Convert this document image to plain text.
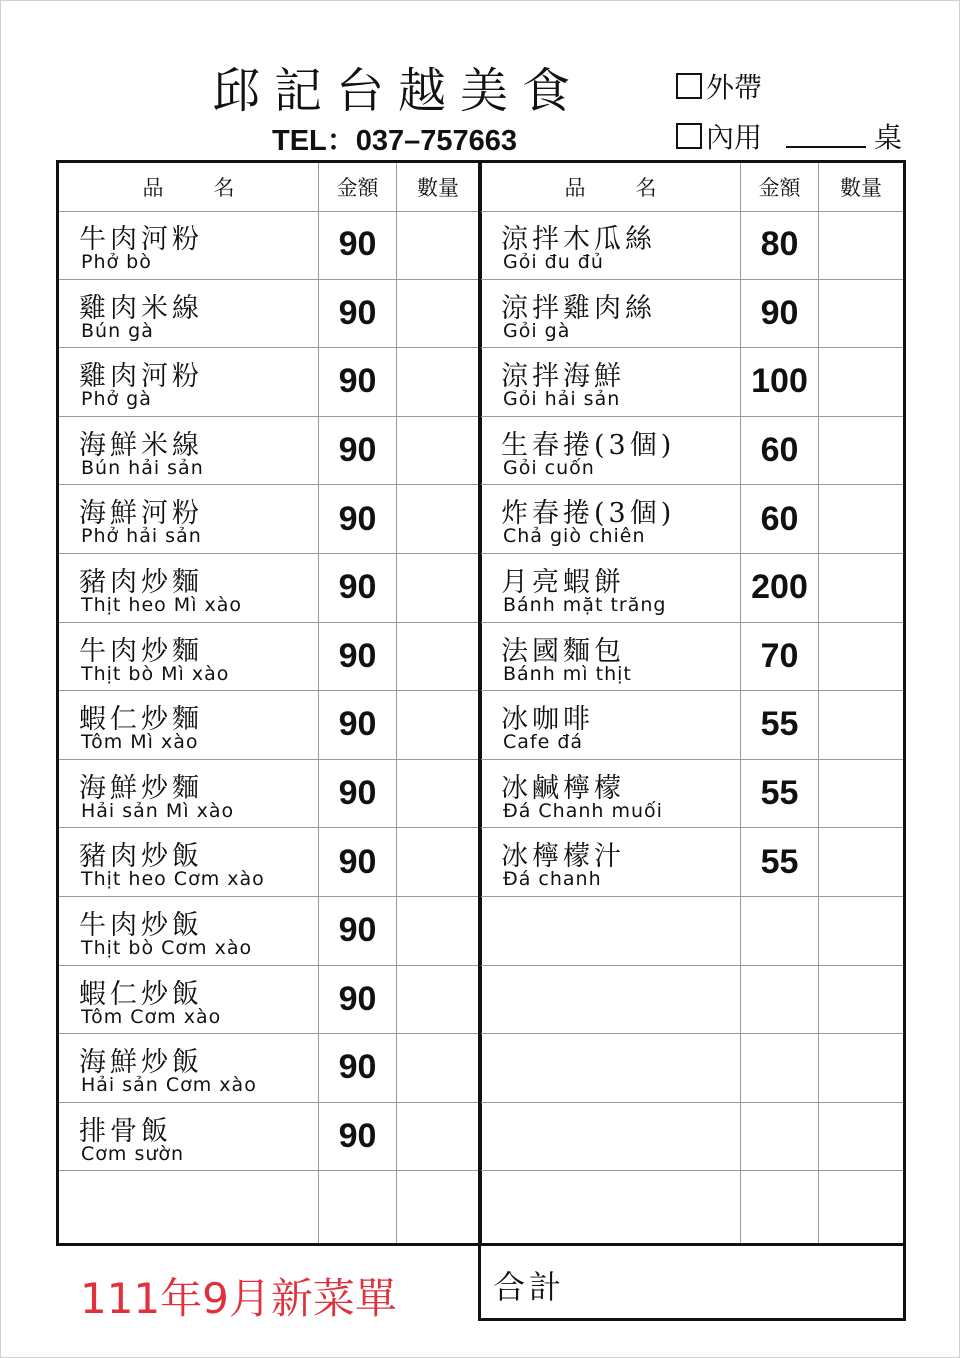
邱記台越美食
TEL：037–757663
外帶
內用	桌
品名	金額	數量
牛肉河粉
Phở bò	90
雞肉米線
Bún gà	90
雞肉河粉
Phở gà	90
海鮮米線
Bún hải sản	90
海鮮河粉
Phở hải sản	90
豬肉炒麵
Thịt heo Mì xào	90
牛肉炒麵
Thịt bò Mì xào	90
蝦仁炒麵
Tôm Mì xào	90
海鮮炒麵
Hải sản Mì xào	90
豬肉炒飯
Thịt heo Cơm xào	90
牛肉炒飯
Thịt bò Cơm xào	90
蝦仁炒飯
Tôm Cơm xào	90
海鮮炒飯
Hải sản Cơm xào	90
排骨飯
Cơm sườn	90
品名	金額	數量
涼拌木瓜絲
Gỏi đu đủ	80
涼拌雞肉絲
Gỏi gà	90
涼拌海鮮
Gỏi hải sản	100
生春捲(3個)
Gỏi cuốn	60
炸春捲(3個)
Chả giò chiên	60
月亮蝦餅
Bánh mặt trăng 200
法國麵包
Bánh mì thịt	70
冰咖啡
Cafe đá	55
冰鹹檸檬
Đá Chanh muối	55
冰檸檬汁
Đá chanh	55
合計
111年9月新菜單
